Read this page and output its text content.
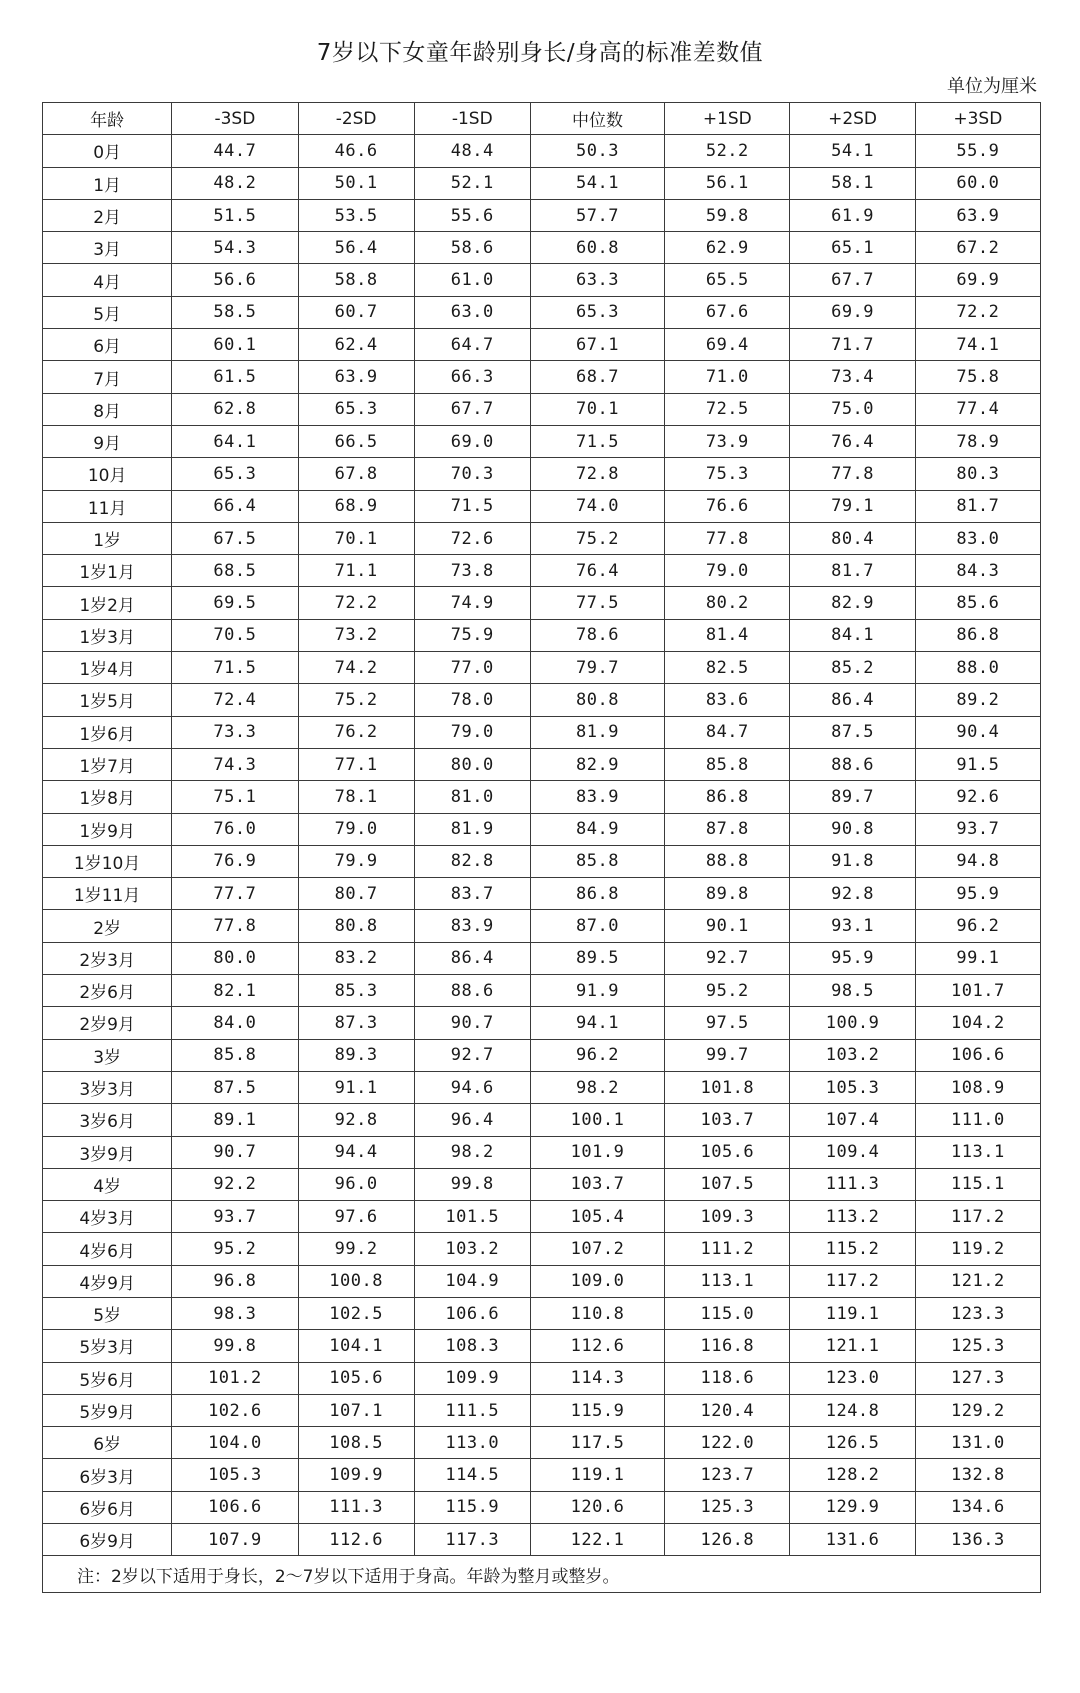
7岁以下女童年龄别身长/身高的标准差数值
单位为厘米
年龄	-3SD	-2SD	-1SD	中位数	+1SD	+2SD	+3SD
0月	44.7	46.6	48.4	50.3	52.2	54.1	55.9
1月	48.2	50.1	52.1	54.1	56.1	58.1	60.0
2月	51.5	53.5	55.6	57.7	59.8	61.9	63.9
3月	54.3	56.4	58.6	60.8	62.9	65.1	67.2
4月	56.6	58.8	61.0	63.3	65.5	67.7	69.9
5月	58.5	60.7	63.0	65.3	67.6	69.9	72.2
6月	60.1	62.4	64.7	67.1	69.4	71.7	74.1
7月	61.5	63.9	66.3	68.7	71.0	73.4	75.8
8月	62.8	65.3	67.7	70.1	72.5	75.0	77.4
9月	64.1	66.5	69.0	71.5	73.9	76.4	78.9
10月	65.3	67.8	70.3	72.8	75.3	77.8	80.3
11月	66.4	68.9	71.5	74.0	76.6	79.1	81.7
1岁	67.5	70.1	72.6	75.2	77.8	80.4	83.0
1岁1月	68.5	71.1	73.8	76.4	79.0	81.7	84.3
1岁2月	69.5	72.2	74.9	77.5	80.2	82.9	85.6
1岁3月	70.5	73.2	75.9	78.6	81.4	84.1	86.8
1岁4月	71.5	74.2	77.0	79.7	82.5	85.2	88.0
1岁5月	72.4	75.2	78.0	80.8	83.6	86.4	89.2
1岁6月	73.3	76.2	79.0	81.9	84.7	87.5	90.4
1岁7月	74.3	77.1	80.0	82.9	85.8	88.6	91.5
1岁8月	75.1	78.1	81.0	83.9	86.8	89.7	92.6
1岁9月	76.0	79.0	81.9	84.9	87.8	90.8	93.7
1岁10月	76.9	79.9	82.8	85.8	88.8	91.8	94.8
1岁11月	77.7	80.7	83.7	86.8	89.8	92.8	95.9
2岁	77.8	80.8	83.9	87.0	90.1	93.1	96.2
2岁3月	80.0	83.2	86.4	89.5	92.7	95.9	99.1
2岁6月	82.1	85.3	88.6	91.9	95.2	98.5	101.7
2岁9月	84.0	87.3	90.7	94.1	97.5	100.9	104.2
3岁	85.8	89.3	92.7	96.2	99.7	103.2	106.6
3岁3月	87.5	91.1	94.6	98.2	101.8	105.3	108.9
3岁6月	89.1	92.8	96.4	100.1	103.7	107.4	111.0
3岁9月	90.7	94.4	98.2	101.9	105.6	109.4	113.1
4岁	92.2	96.0	99.8	103.7	107.5	111.3	115.1
4岁3月	93.7	97.6	101.5	105.4	109.3	113.2	117.2
4岁6月	95.2	99.2	103.2	107.2	111.2	115.2	119.2
4岁9月	96.8	100.8	104.9	109.0	113.1	117.2	121.2
5岁	98.3	102.5	106.6	110.8	115.0	119.1	123.3
5岁3月	99.8	104.1	108.3	112.6	116.8	121.1	125.3
5岁6月	101.2	105.6	109.9	114.3	118.6	123.0	127.3
5岁9月	102.6	107.1	111.5	115.9	120.4	124.8	129.2
6岁	104.0	108.5	113.0	117.5	122.0	126.5	131.0
6岁3月	105.3	109.9	114.5	119.1	123.7	128.2	132.8
6岁6月	106.6	111.3	115.9	120.6	125.3	129.9	134.6
6岁9月	107.9	112.6	117.3	122.1	126.8	131.6	136.3
注：2岁以下适用于身长，2～7岁以下适用于身高。年龄为整月或整岁。							
